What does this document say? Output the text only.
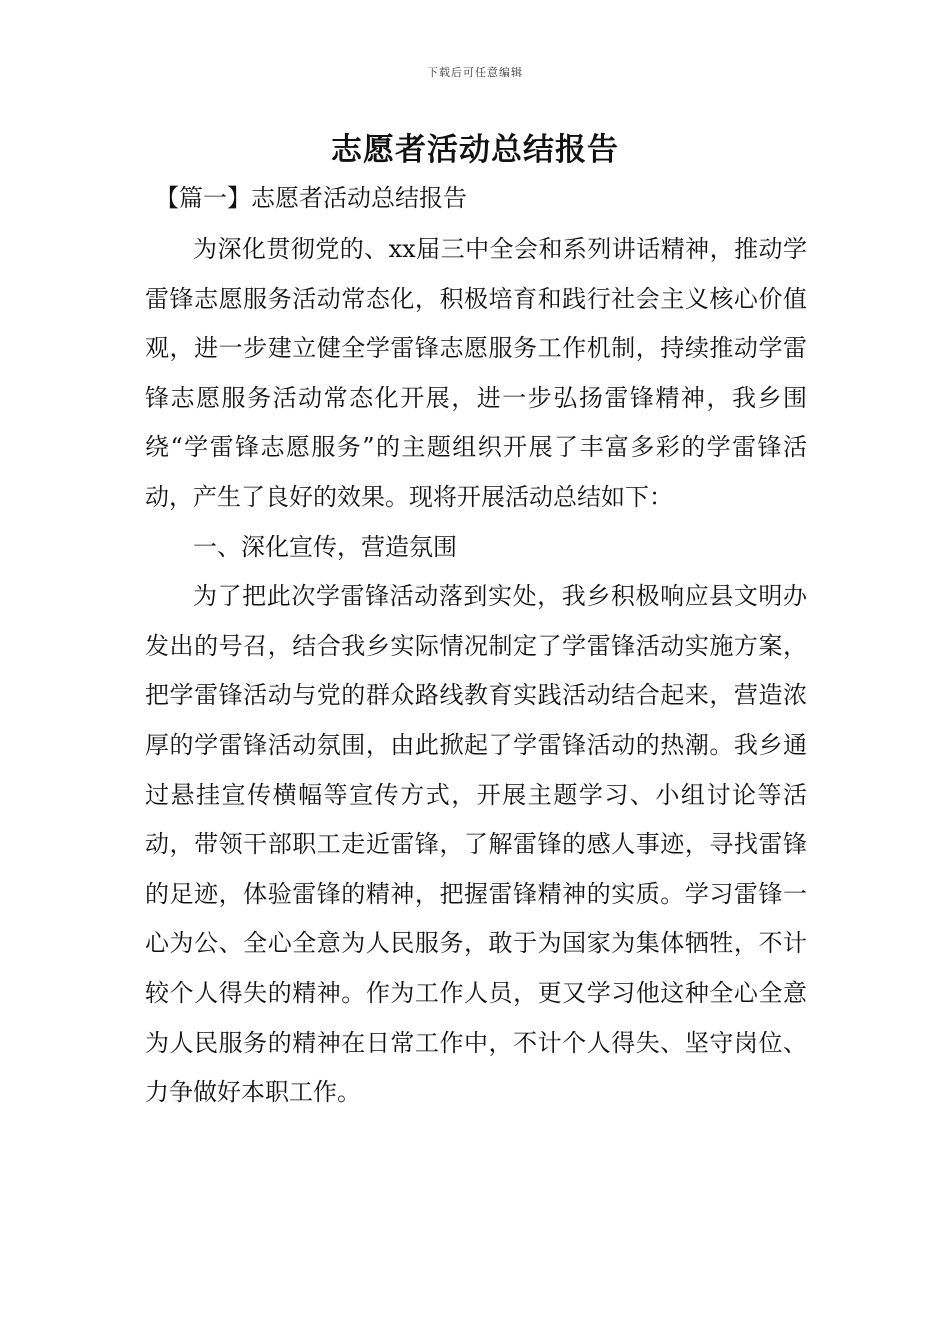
下载后可任意编辑
志愿者活动总结报告
【篇一】志愿者活动总结报告

为深化贯彻党的、xx届三中全会和系列讲话精神，推动学雷锋志愿服务活动常态化，积极培育和践行社会主义核心价值观，进一步建立健全学雷锋志愿服务工作机制，持续推动学雷锋志愿服务活动常态化开展，进一步弘扬雷锋精神，我乡围绕“学雷锋志愿服务”的主题组织开展了丰富多彩的学雷锋活动，产生了良好的效果。现将开展活动总结如下：

一、深化宣传，营造氛围

为了把此次学雷锋活动落到实处，我乡积极响应县文明办发出的号召，结合我乡实际情况制定了学雷锋活动实施方案，把学雷锋活动与党的群众路线教育实践活动结合起来，营造浓厚的学雷锋活动氛围，由此掀起了学雷锋活动的热潮。我乡通过悬挂宣传横幅等宣传方式，开展主题学习、小组讨论等活动，带领干部职工走近雷锋，了解雷锋的感人事迹，寻找雷锋的足迹，体验雷锋的精神，把握雷锋精神的实质。学习雷锋一心为公、全心全意为人民服务，敢于为国家为集体牺牲，不计较个人得失的精神。作为工作人员，更又学习他这种全心全意为人民服务的精神在日常工作中，不计个人得失、坚守岗位、力争做好本职工作。
